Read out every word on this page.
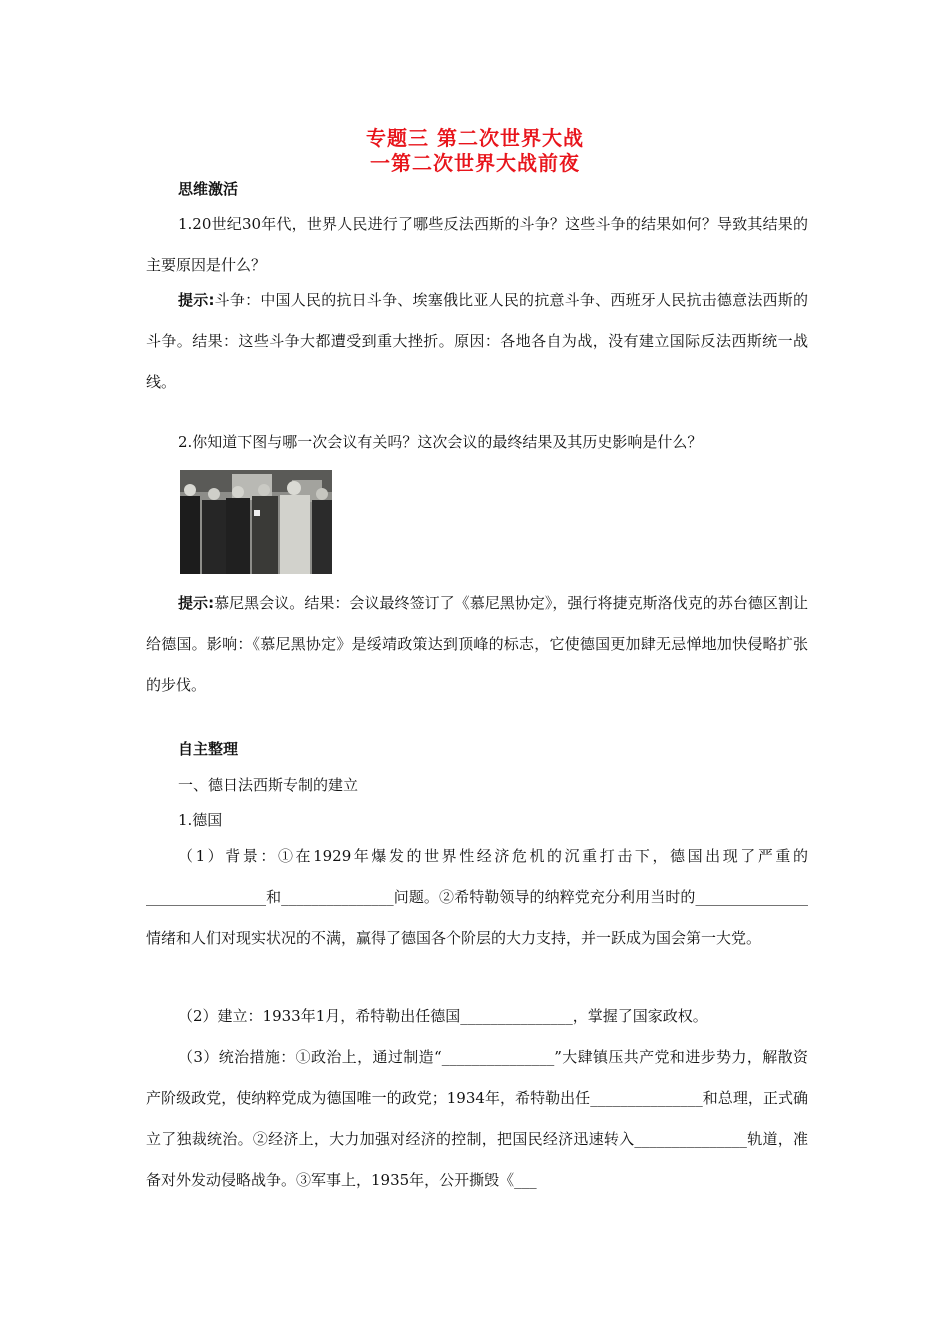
专题三 第二次世界大战
一第二次世界大战前夜
思维激活
1.20世纪30年代，世界人民进行了哪些反法西斯的斗争？这些斗争的结果如何？导致其结果的主要原因是什么？
提示:斗争：中国人民的抗日斗争、埃塞俄比亚人民的抗意斗争、西班牙人民抗击德意法西斯的斗争。结果：这些斗争大都遭受到重大挫折。原因：各地各自为战，没有建立国际反法西斯统一战线。
2.你知道下图与哪一次会议有关吗？这次会议的最终结果及其历史影响是什么？
提示:慕尼黑会议。结果：会议最终签订了《慕尼黑协定》，强行将捷克斯洛伐克的苏台德区割让给德国。影响：《慕尼黑协定》是绥靖政策达到顶峰的标志，它使德国更加肆无忌惮地加快侵略扩张的步伐。
自主整理
一、德日法西斯专制的建立
1.德国
（1）背景：①在1929年爆发的世界性经济危机的沉重打击下，德国出现了严重的________________和_______________问题。②希特勒领导的纳粹党充分利用当时的_______________情绪和人们对现实状况的不满，赢得了德国各个阶层的大力支持，并一跃成为国会第一大党。
（2）建立：1933年1月，希特勒出任德国_______________，掌握了国家政权。
（3）统治措施：①政治上，通过制造“_______________”大肆镇压共产党和进步势力，解散资产阶级政党，使纳粹党成为德国唯一的政党；1934年，希特勒出任_______________和总理，正式确立了独裁统治。②经济上，大力加强对经济的控制，把国民经济迅速转入_______________轨道，准备对外发动侵略战争。③军事上，1935年，公开撕毁《___
